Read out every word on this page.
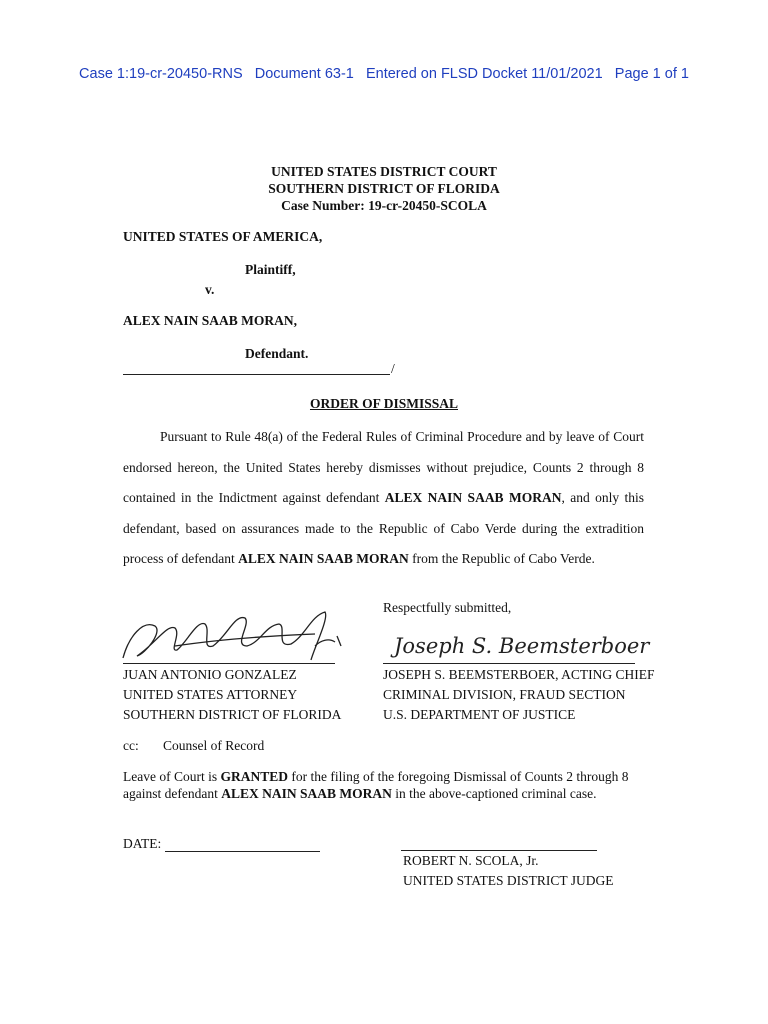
Case 1:19-cr-20450-RNS Document 63-1 Entered on FLSD Docket 11/01/2021 Page 1 of 1
UNITED STATES DISTRICT COURT
SOUTHERN DISTRICT OF FLORIDA
Case Number: 19-cr-20450-SCOLA
UNITED STATES OF AMERICA,
Plaintiff,
v.
ALEX NAIN SAAB MORAN,
Defendant.
/
ORDER OF DISMISSAL

Pursuant to Rule 48(a) of the Federal Rules of Criminal Procedure and by leave of Court endorsed hereon, the United States hereby dismisses without prejudice, Counts 2 through 8 contained in the Indictment against defendant ALEX NAIN SAAB MORAN, and only this defendant, based on assurances made to the Republic of Cabo Verde during the extradition process of defendant ALEX NAIN SAAB MORAN from the Republic of Cabo Verde.

Respectfully submitted,
JUAN ANTONIO GONZALEZ
UNITED STATES ATTORNEY
SOUTHERN DISTRICT OF FLORIDA
Joseph S. Beemsterboer
JOSEPH S. BEEMSTERBOER, ACTING CHIEF
CRIMINAL DIVISION, FRAUD SECTION
U.S. DEPARTMENT OF JUSTICE
cc: Counsel of Record
Leave of Court is GRANTED for the filing of the foregoing Dismissal of Counts 2 through 8 against defendant ALEX NAIN SAAB MORAN in the above-captioned criminal case.
DATE:
ROBERT N. SCOLA, Jr.
UNITED STATES DISTRICT JUDGE
